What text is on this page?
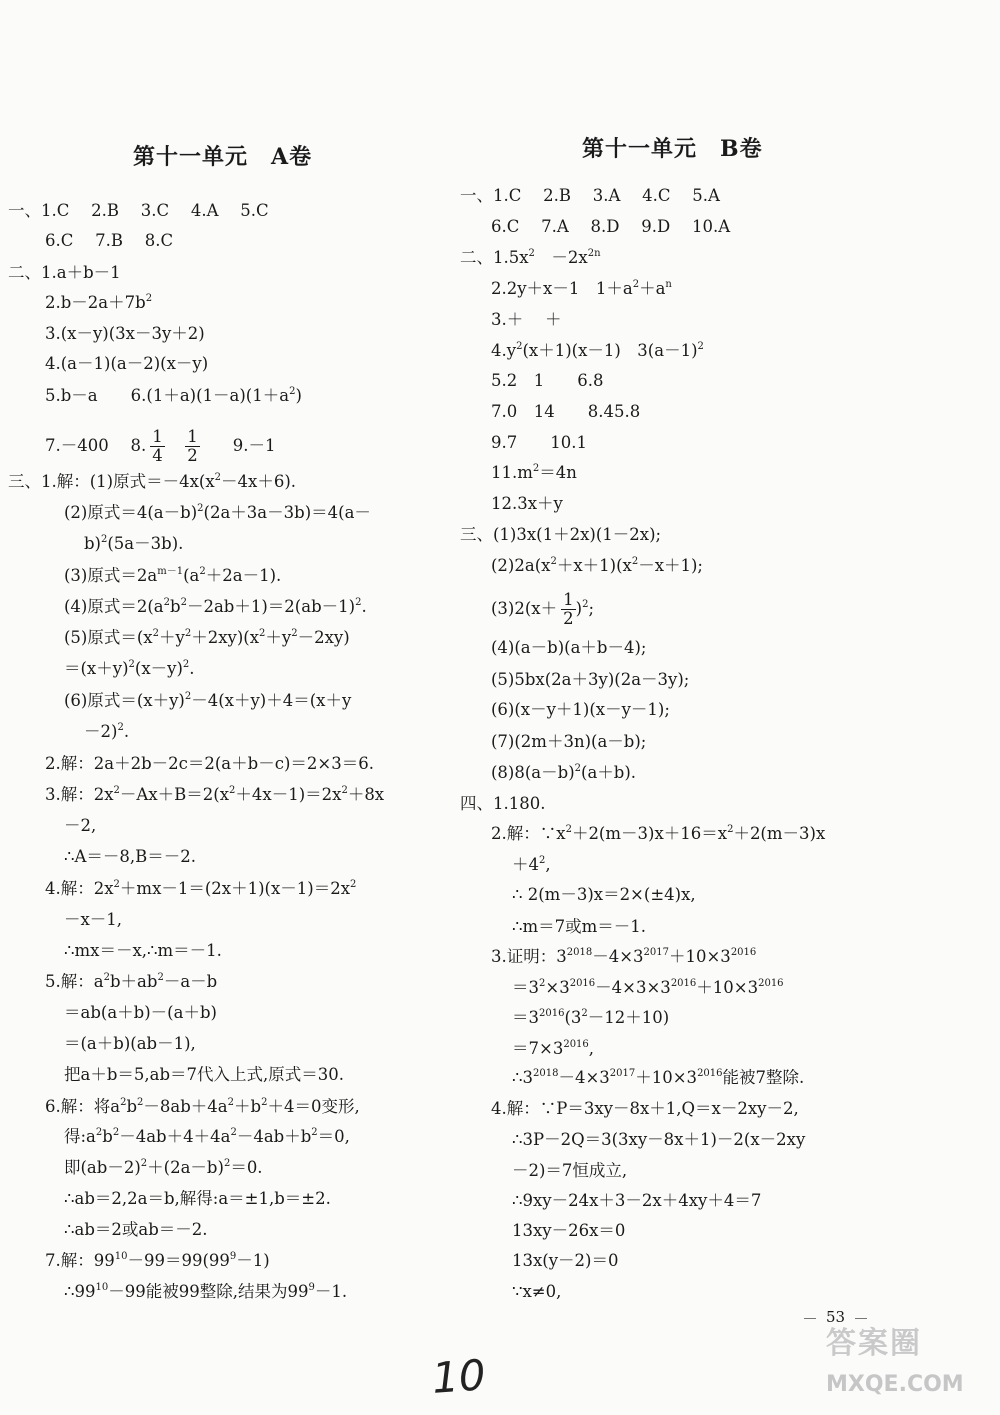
第十一单元　A卷
一、1.C　 2.B　 3.C　 4.A　 5.C
6.C　 7.B　 8.C
二、1.a＋b－1
$2.b-2a+7b^2$
3.(x－y)(3x－3y＋2)
4.(a－1)(a－2)(x－y)
5.b－a　　$6.(1+a)(1-a)(1+a^2)$
7.－400　 8. $\frac{1}{4}$
　 $\frac{1}{2}$ 　　9.－1
三、1.解：(1)原式$=-4x(x^2-4x+6)$.
(2)原式$=4(a-b)^2(2a+3a-3b)=4(a-$
b)$^2$(5a－3b).
(3)原式$=2a^{m-1}(a^2+2a-1)$.
(4)原式$=2(a^2b^2-2ab+1)=2(ab-1)^2$.
(5)原式$=(x^2+y^2+2xy)(x^2+y^2-2xy)$
$=(x+y)^2(x-y)^2$.
(6)原式$=(x+y)^2-4(x+y)+4=(x+y$
－2)$^2$.
2.解：2a＋2b－2c＝2(a＋b－c)＝2×3＝6.
3.解：$2x^2-Ax+B=2(x^2+4x-1)=2x^2+8x$
－2,
∴A＝－8,B＝－2.
4.解：$2x^2+mx-1=(2x+1)(x-1)=2x^2$
－x－1,
∴mx＝－x,∴m＝－1.
5.解：$a^2b+ab^2-a-b$
＝ab(a＋b)－(a＋b)
＝(a＋b)(ab－1),
把a＋b＝5,ab＝7代入上式,原式＝30.
6.解：将$a^2b^2-8ab+4a^2+b^2+4=0$变形,
得$:a^2b^2-4ab+4+4a^2-4ab+b^2=0$,
即$(ab-2)^2+(2a-b)^2=0$.
∴ab＝2,2a＝b,解得:a＝±1,b＝±2.
∴ab＝2或ab＝－2.
7.解：$99^{10}-99=99(99^9-1)$
$\therefore 99^{10}-99$能被99整除,结果为$99^9-1$.
第十一单元　B卷
一、1.C　 2.B　 3.A　 4.C　 5.A
6.C　 7.A　 8.D　 9.D　 10.A
二、$1.5x^2$　$-2x^{2n}$
2.2y＋x－1　$1+a^2+a^n$
3.＋　 ＋
$4.y^2(x+1)(x-1)$　$3(a-1)^2$
5.2　1　　6.8
7.0　14　　8.45.8
9.7　　10.1
$11.m^2=4n$
12.3x＋y
三、(1)3x(1＋2x)(1－2x);
$(2)2a(x^2+x+1)(x^2-x+1)$;
$(3)2(x+ \frac{1}{2} )^2$;
(4)(a－b)(a＋b－4);
(5)5bx(2a＋3y)(2a－3y);
(6)(x－y＋1)(x－y－1);
(7)(2m＋3n)(a－b);
$(8)8(a-b)^2(a+b)$.
四、1.180.
2.解：$\because x^2+2(m-3)x+16=x^2+2(m-3)x$
$+4^2$,
∴ 2(m－3)x＝2×(±4)x,
∴m＝7或m＝－1.
3.证明：$3^{2018}-4\times 3^{2017}+10\times 3^{2016}$
$=3^2\times 3^{2016}-4\times 3\times 3^{2016}+10\times 3^{2016}$
$=3^{2016}(3^2-12+10)$
$=7\times 3^{2016}$,
$\therefore 3^{2018}-4\times 3^{2017}+10\times 3^{2016}$能被7整除.
4.解：∵P＝3xy－8x＋1,Q＝x－2xy－2,
∴3P－2Q＝3(3xy－8x＋1)－2(x－2xy
－2)＝7恒成立,
∴9xy－24x＋3－2x＋4xy＋4＝7
13xy－26x＝0
13x(y－2)＝0
∵x≠0,
53
10
答案圈
MXQE.COM
